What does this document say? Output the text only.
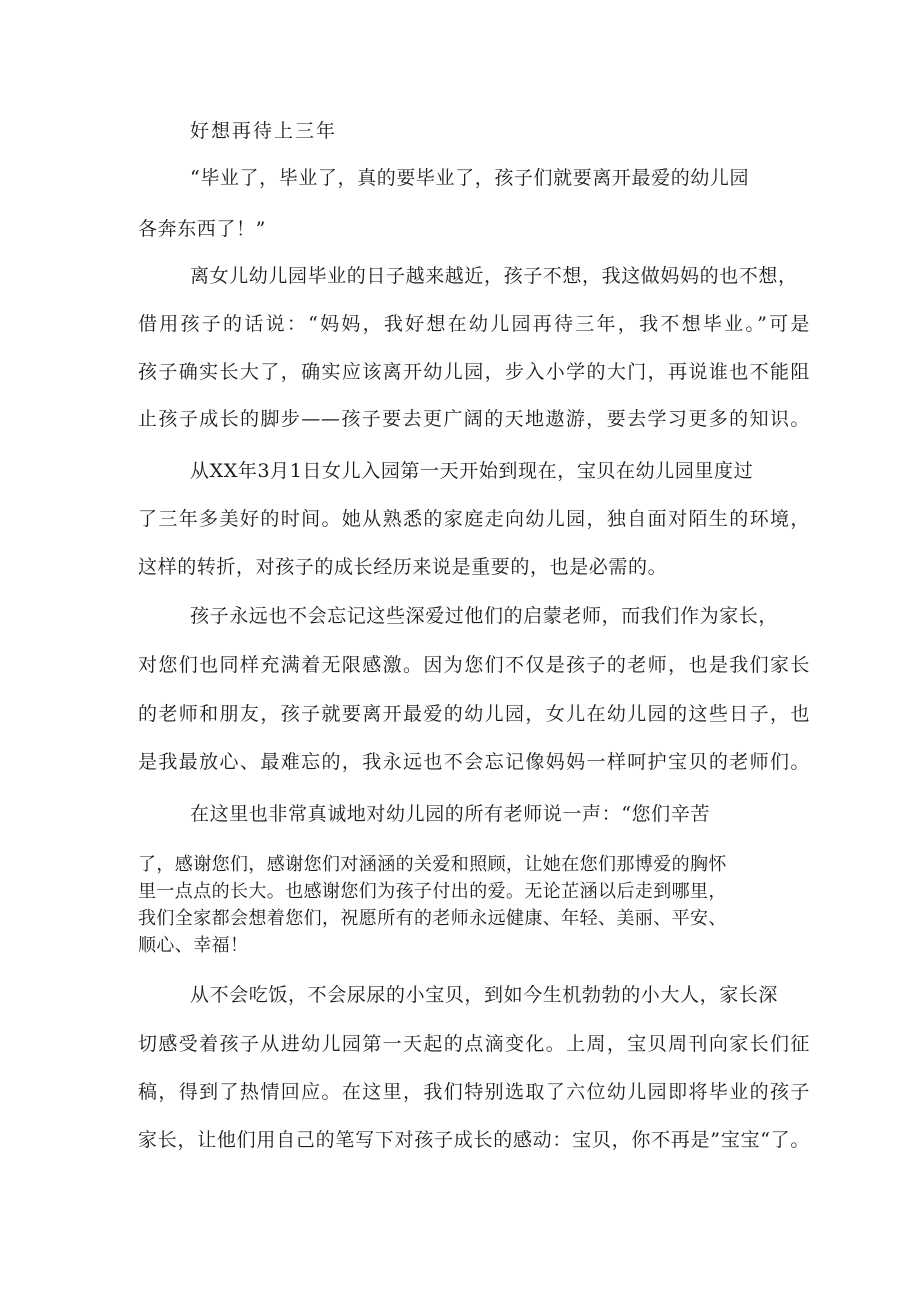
好想再待上三年
“毕业了，毕业了，真的要毕业了，孩子们就要离开最爱的幼儿园
各奔东西了！”
离女儿幼儿园毕业的日子越来越近，孩子不想，我这做妈妈的也不想，
借用孩子的话说：“妈妈，我好想在幼儿园再待三年，我不想毕业。”可是
孩子确实长大了，确实应该离开幼儿园，步入小学的大门，再说谁也不能阻
止孩子成长的脚步——孩子要去更广阔的天地遨游，要去学习更多的知识。
从XX年3月1日女儿入园第一天开始到现在，宝贝在幼儿园里度过
了三年多美好的时间。她从熟悉的家庭走向幼儿园，独自面对陌生的环境，
这样的转折，对孩子的成长经历来说是重要的，也是必需的。
孩子永远也不会忘记这些深爱过他们的启蒙老师，而我们作为家长，
对您们也同样充满着无限感激。因为您们不仅是孩子的老师，也是我们家长
的老师和朋友，孩子就要离开最爱的幼儿园，女儿在幼儿园的这些日子，也
是我最放心、最难忘的，我永远也不会忘记像妈妈一样呵护宝贝的老师们。
在这里也非常真诚地对幼儿园的所有老师说一声：“您们辛苦
了，感谢您们，感谢您们对涵涵的关爱和照顾，让她在您们那博爱的胸怀
里一点点的长大。也感谢您们为孩子付出的爱。无论芷涵以后走到哪里，
我们全家都会想着您们，祝愿所有的老师永远健康、年轻、美丽、平安、
顺心、幸福！
从不会吃饭，不会尿尿的小宝贝，到如今生机勃勃的小大人，家长深
切感受着孩子从进幼儿园第一天起的点滴变化。上周，宝贝周刊向家长们征
稿，得到了热情回应。在这里，我们特别选取了六位幼儿园即将毕业的孩子
家长，让他们用自己的笔写下对孩子成长的感动：宝贝，你不再是”宝宝“了。
